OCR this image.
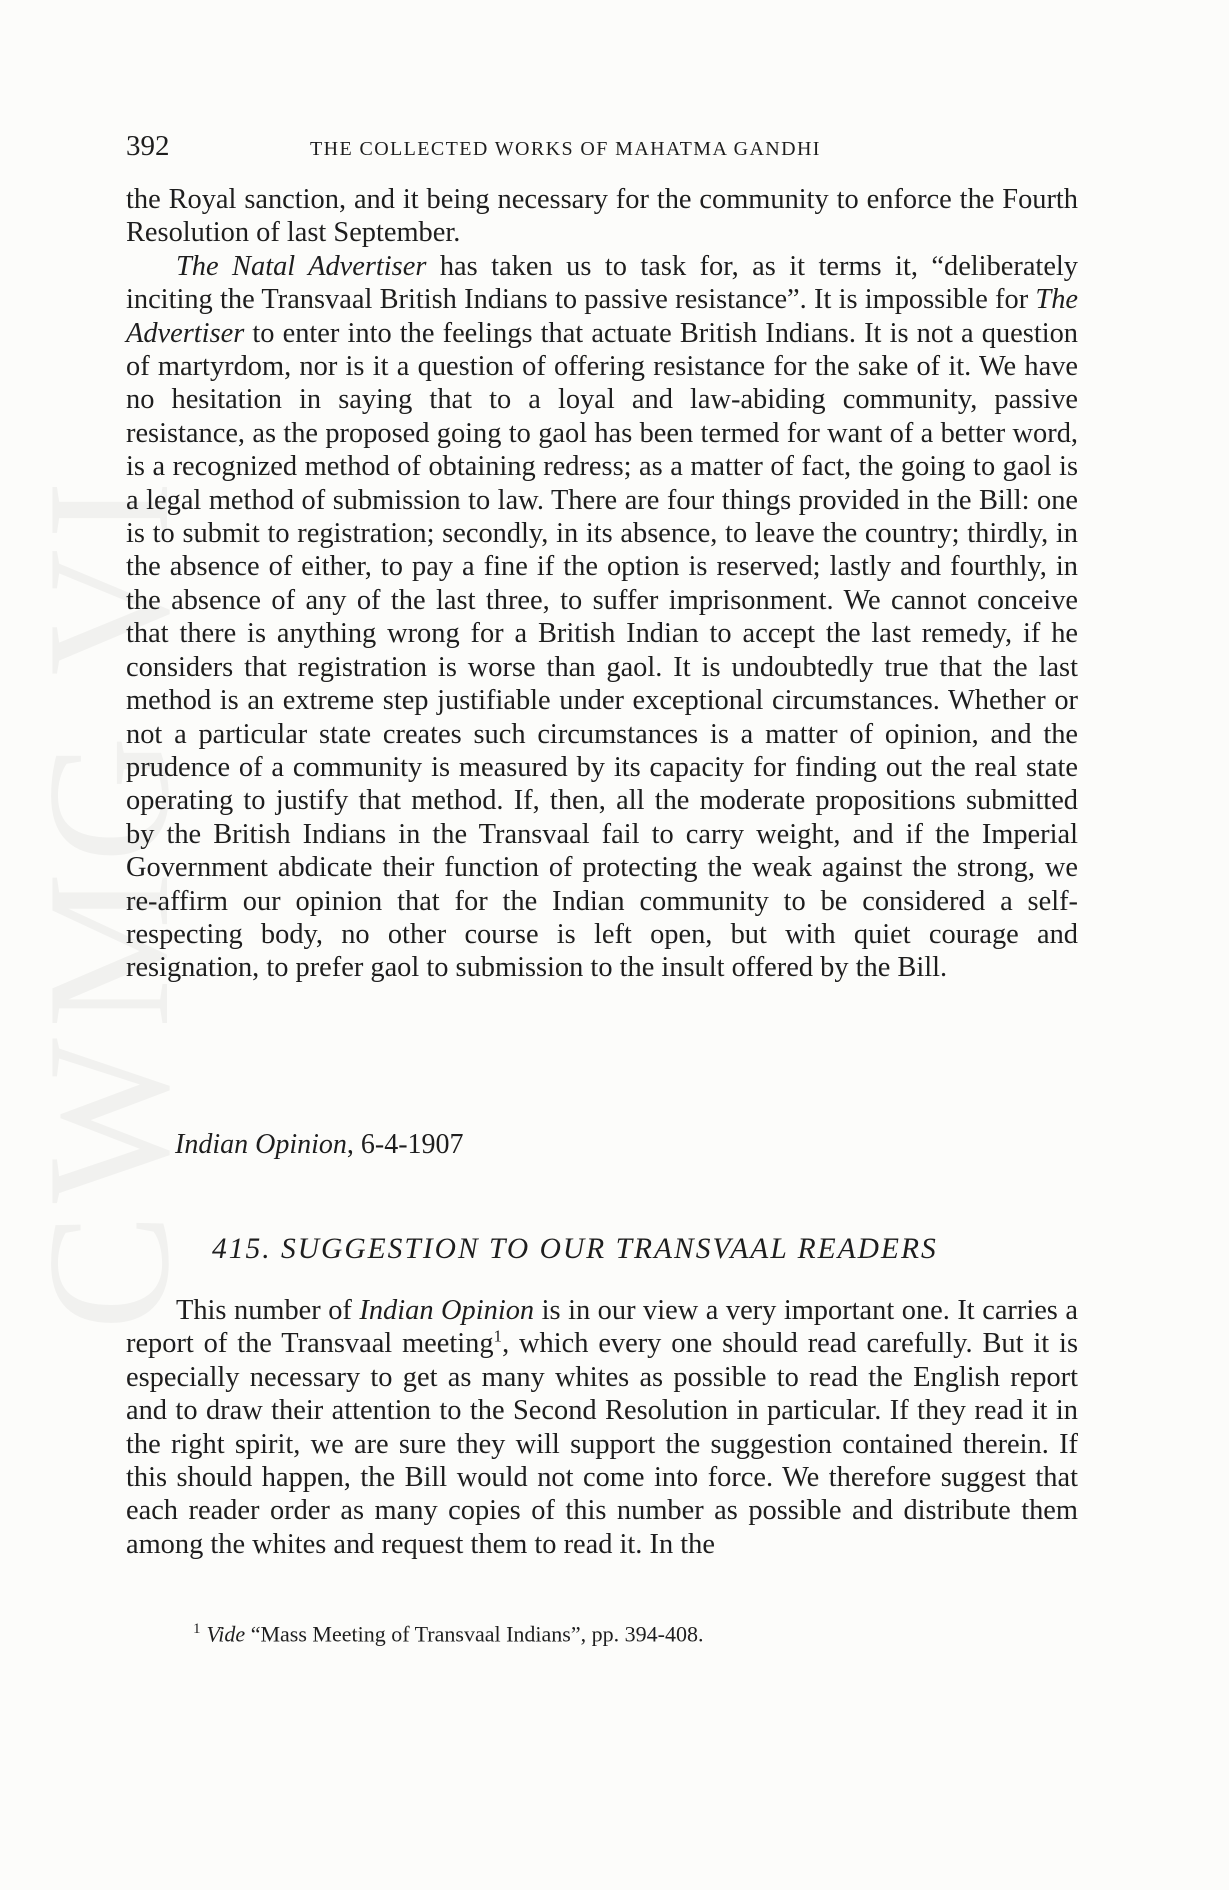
CWMG VI
392	THE COLLECTED WORKS OF MAHATMA GANDHI

the Royal sanction, and it being necessary for the community to enforce the Fourth Resolution of last September.

The Natal Advertiser has taken us to task for, as it terms it, “deliberately inciting the Transvaal British Indians to passive resistance”. It is impossible for The Advertiser to enter into the feelings that actuate British Indians. It is not a question of martyrdom, nor is it a question of offering resistance for the sake of it. We have no hesitation in saying that to a loyal and law-abiding community, passive resistance, as the proposed going to gaol has been termed for want of a better word, is a recognized method of obtaining redress; as a matter of fact, the going to gaol is a legal method of submission to law. There are four things provided in the Bill: one is to submit to registration; secondly, in its absence, to leave the country; thirdly, in the absence of either, to pay a fine if the option is reserved; lastly and fourthly, in the absence of any of the last three, to suffer imprisonment. We cannot conceive that there is anything wrong for a British Indian to accept the last remedy, if he considers that registration is worse than gaol. It is undoubtedly true that the last method is an extreme step justifiable under exceptional circumstances. Whether or not a particular state creates such circumstances is a matter of opinion, and the prudence of a community is measured by its capacity for finding out the real state operating to justify that method. If, then, all the moderate propositions submitted by the British Indians in the Transvaal fail to carry weight, and if the Imperial Government abdicate their function of protecting the weak against the strong, we re-affirm our opinion that for the Indian community to be considered a self-respecting body, no other course is left open, but with quiet courage and resignation, to prefer gaol to submission to the insult offered by the Bill.

Indian Opinion, 6-4-1907
415. SUGGESTION TO OUR TRANSVAAL READERS

This number of Indian Opinion is in our view a very important one. It carries a report of the Transvaal meeting$^1$, which every one should read carefully. But it is especially necessary to get as many whites as possible to read the English report and to draw their attention to the Second Resolution in particular. If they read it in the right spirit, we are sure they will support the suggestion contained therein. If this should happen, the Bill would not come into force. We therefore suggest that each reader order as many copies of this number as possible and distribute them among the whites and request them to read it. In the

$^1$ Vide “Mass Meeting of Transvaal Indians”, pp. 394-408.
